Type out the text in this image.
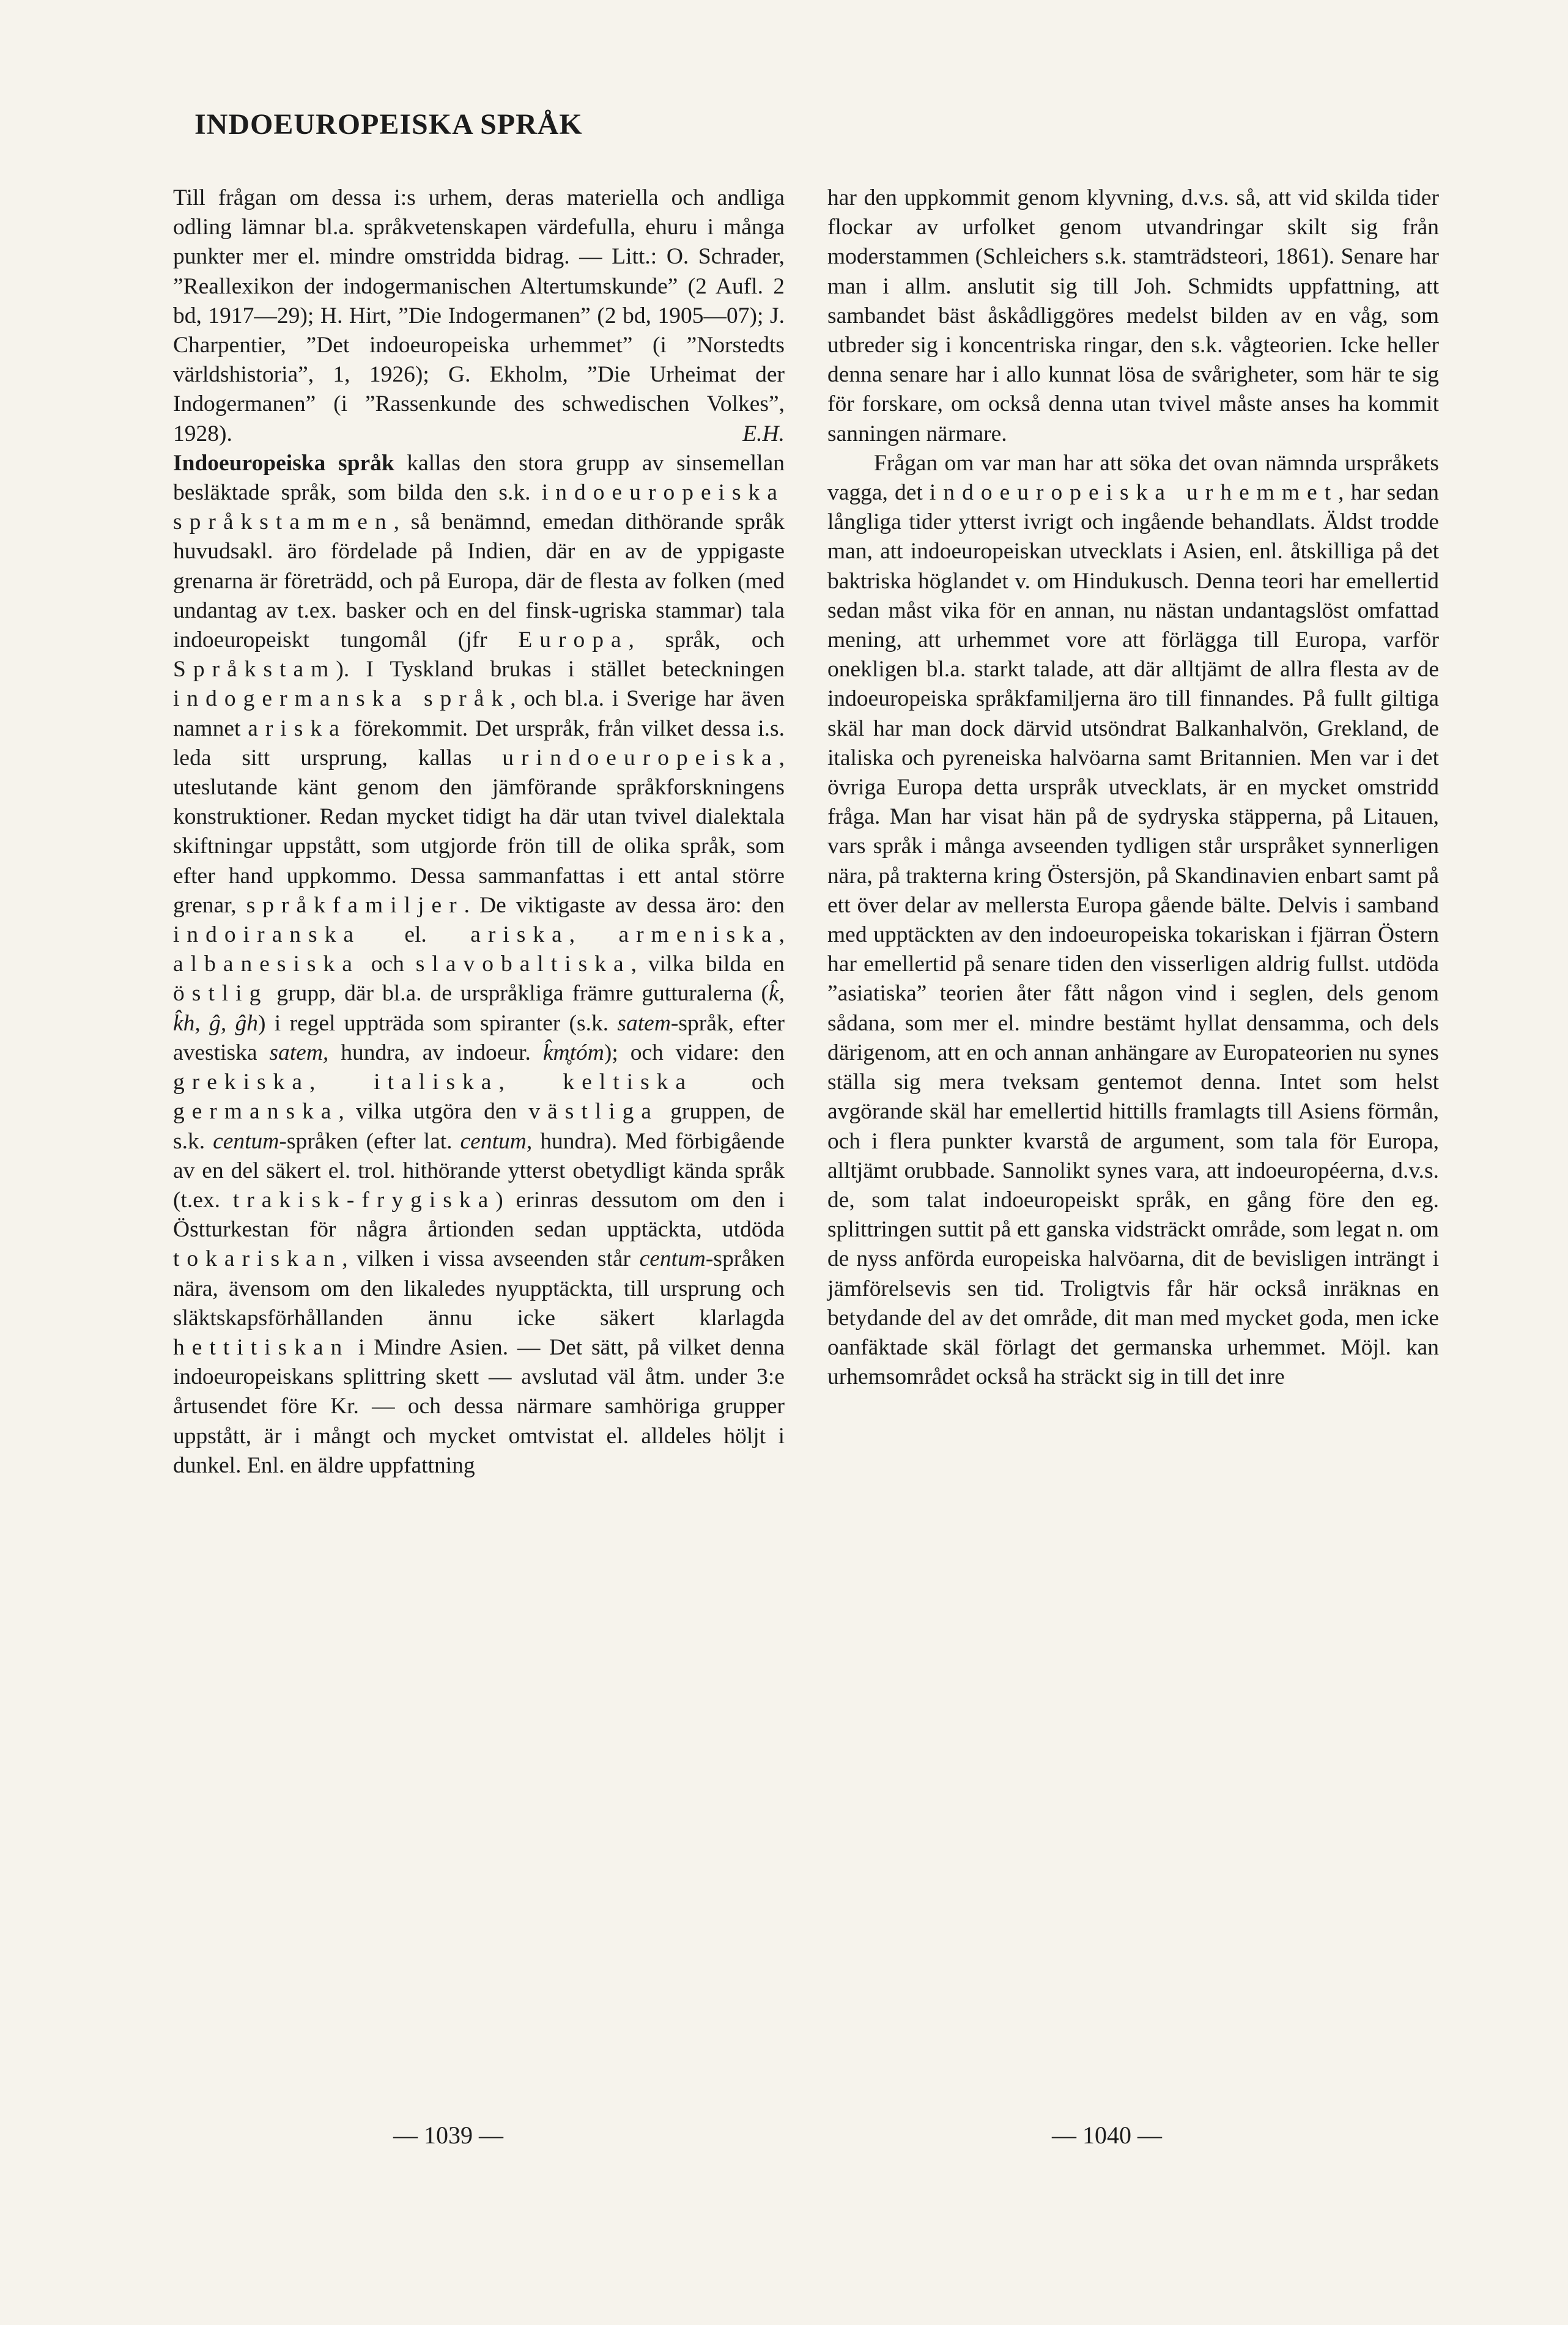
INDOEUROPEISKA SPRÅK

Till frågan om dessa i:s urhem, deras materiella och andliga odling lämnar bl.a. språkvetenskapen värdefulla, ehuru i många punkter mer el. mindre omstridda bidrag. — Litt.: O. Schrader, ”Reallexikon der indogermanischen Altertumskunde” (2 Aufl. 2 bd, 1917—29); H. Hirt, ”Die Indogermanen” (2 bd, 1905—07); J. Charpentier, ”Det indoeuropeiska urhemmet” (i ”Norstedts världshistoria”, 1, 1926); G. Ekholm, ”Die Urheimat der Indogermanen” (i ”Rassenkunde des schwedischen Volkes”, 1928).	E.H.

Indoeuropeiska språk kallas den stora grupp av sinsemellan besläktade språk, som bilda den s.k. indoeuropeiska språkstammen, så benämnd, emedan dithörande språk huvudsakl. äro fördelade på Indien, där en av de yppigaste grenarna är företrädd, och på Europa, där de flesta av folken (med undantag av t.ex. basker och en del finsk-ugriska stammar) tala indoeuropeiskt tungomål (jfr Europa, språk, och Språkstam). I Tyskland brukas i stället beteckningen indogermanska språk, och bl.a. i Sverige har även namnet ariska förekommit. Det urspråk, från vilket dessa i.s. leda sitt ursprung, kallas urindoeuropeiska, uteslutande känt genom den jämförande språkforskningens konstruktioner. Redan mycket tidigt ha där utan tvivel dialektala skiftningar uppstått, som utgjorde frön till de olika språk, som efter hand uppkommo. Dessa sammanfattas i ett antal större grenar, språkfamiljer. De viktigaste av dessa äro: den indoiranska el. ariska, armeniska, albanesiska och slavobaltiska, vilka bilda en östlig grupp, där bl.a. de urspråkliga främre gutturalerna (k̂, k̂h, ĝ, ĝh) i regel uppträda som spiranter (s.k. satem-språk, efter avestiska satem, hundra, av indoeur. k̂m̥tóm); och vidare: den grekiska, italiska, keltiska och germanska, vilka utgöra den västliga gruppen, de s.k. centum-språken (efter lat. centum, hundra). Med förbigående av en del säkert el. trol. hithörande ytterst obetydligt kända språk (t.ex. trakisk-frygiska) erinras dessutom om den i Östturkestan för några årtionden sedan upptäckta, utdöda tokariskan, vilken i vissa avseenden står centum-språken nära, ävensom om den likaledes nyupptäckta, till ursprung och släktskapsförhållanden ännu icke säkert klarlagda hettitiskan i Mindre Asien. — Det sätt, på vilket denna indoeuropeiskans splittring skett — avslutad väl åtm. under 3:e årtusendet före Kr. — och dessa närmare samhöriga grupper uppstått, är i mångt och mycket omtvistat el. alldeles höljt i dunkel. Enl. en äldre uppfattning

har den uppkommit genom klyvning, d.v.s. så, att vid skilda tider flockar av urfolket genom utvandringar skilt sig från moderstammen (Schleichers s.k. stamträdsteori, 1861). Senare har man i allm. anslutit sig till Joh. Schmidts uppfattning, att sambandet bäst åskådliggöres medelst bilden av en våg, som utbreder sig i koncentriska ringar, den s.k. vågteorien. Icke heller denna senare har i allo kunnat lösa de svårigheter, som här te sig för forskare, om också denna utan tvivel måste anses ha kommit sanningen närmare.

Frågan om var man har att söka det ovan nämnda urspråkets vagga, det indoeuropeiska urhemmet, har sedan långliga tider ytterst ivrigt och ingående behandlats. Äldst trodde man, att indoeuropeiskan utvecklats i Asien, enl. åtskilliga på det baktriska höglandet v. om Hindukusch. Denna teori har emellertid sedan måst vika för en annan, nu nästan undantagslöst omfattad mening, att urhemmet vore att förlägga till Europa, varför onekligen bl.a. starkt talade, att där alltjämt de allra flesta av de indoeuropeiska språkfamiljerna äro till finnandes. På fullt giltiga skäl har man dock därvid utsöndrat Balkanhalvön, Grekland, de italiska och pyreneiska halvöarna samt Britannien. Men var i det övriga Europa detta urspråk utvecklats, är en mycket omstridd fråga. Man har visat hän på de sydryska stäpperna, på Litauen, vars språk i många avseenden tydligen står urspråket synnerligen nära, på trakterna kring Östersjön, på Skandinavien enbart samt på ett över delar av mellersta Europa gående bälte. Delvis i samband med upptäckten av den indoeuropeiska tokariskan i fjärran Östern har emellertid på senare tiden den visserligen aldrig fullst. utdöda ”asiatiska” teorien åter fått någon vind i seglen, dels genom sådana, som mer el. mindre bestämt hyllat densamma, och dels därigenom, att en och annan anhängare av Europateorien nu synes ställa sig mera tveksam gentemot denna. Intet som helst avgörande skäl har emellertid hittills framlagts till Asiens förmån, och i flera punkter kvarstå de argument, som tala för Europa, alltjämt orubbade. Sannolikt synes vara, att indoeuropéerna, d.v.s. de, som talat indoeuropeiskt språk, en gång före den eg. splittringen suttit på ett ganska vidsträckt område, som legat n. om de nyss anförda europeiska halvöarna, dit de bevisligen inträngt i jämförelsevis sen tid. Troligtvis får här också inräknas en betydande del av det område, dit man med mycket goda, men icke oanfäktade skäl förlagt det germanska urhemmet. Möjl. kan urhemsområdet också ha sträckt sig in till det inre

— 1039 —	— 1040 —
